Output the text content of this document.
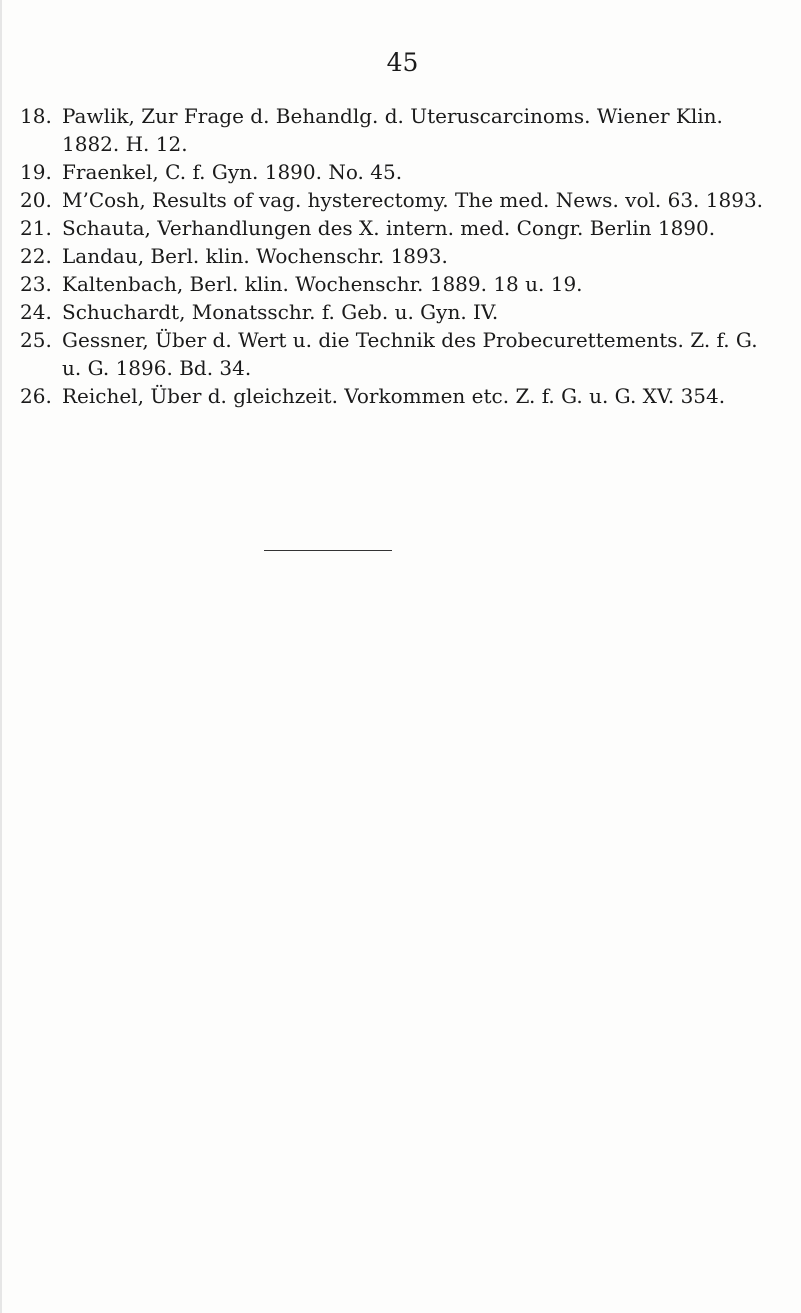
45
18. Pawlik, Zur Frage d. Behandlg. d. Uteruscarcinoms. Wiener Klin. 1882. H. 12.
19. Fraenkel, C. f. Gyn. 1890. No. 45.
20. M’Cosh, Results of vag. hysterectomy. The med. News. vol. 63. 1893.
21. Schauta, Verhandlungen des X. intern. med. Congr. Berlin 1890.
22. Landau, Berl. klin. Wochenschr. 1893.
23. Kaltenbach, Berl. klin. Wochenschr. 1889. 18 u. 19.
24. Schuchardt, Monatsschr. f. Geb. u. Gyn. IV.
25. Gessner, Über d. Wert u. die Technik des Probecurettements. Z. f. G. u. G. 1896. Bd. 34.
26. Reichel, Über d. gleichzeit. Vorkommen etc. Z. f. G. u. G. XV. 354.
